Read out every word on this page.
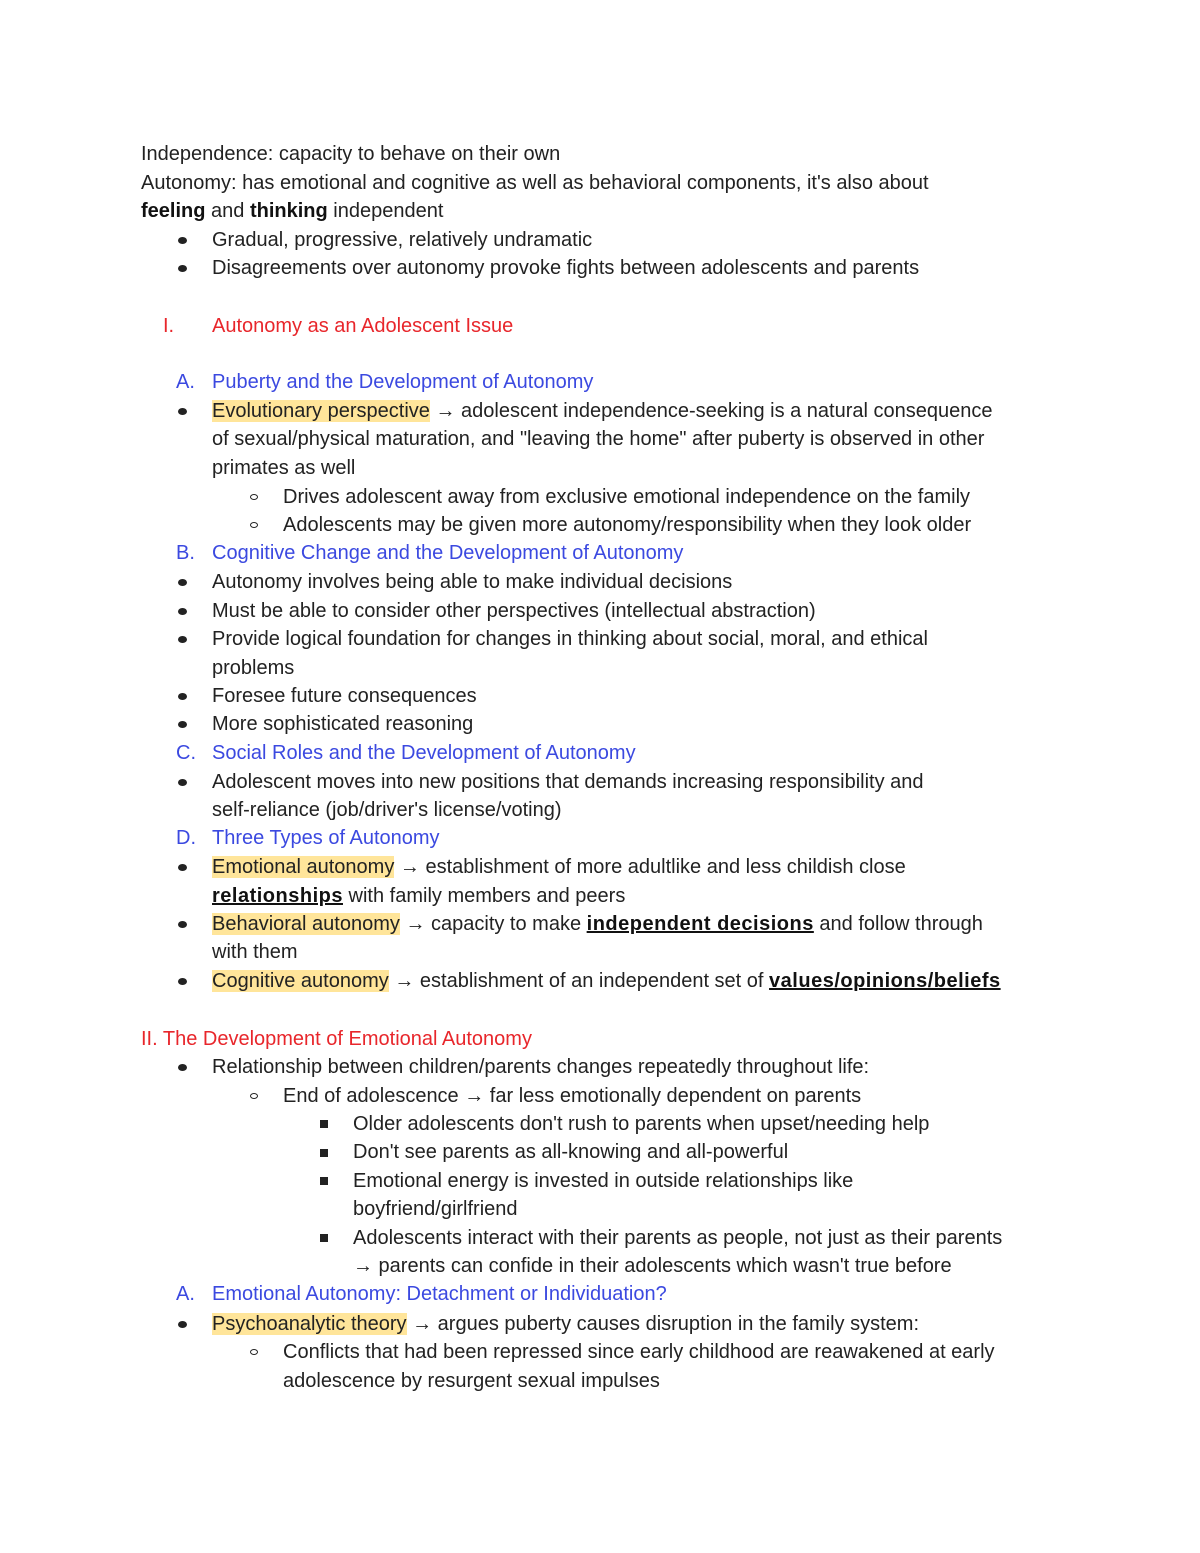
Independence: capacity to behave on their own
Autonomy: has emotional and cognitive as well as behavioral components, it's also about
feeling and thinking independent
Gradual, progressive, relatively undramatic
Disagreements over autonomy provoke fights between adolescents and parents
I. Autonomy as an Adolescent Issue
A. Puberty and the Development of Autonomy
Evolutionary perspective → adolescent independence-seeking is a natural consequence
of sexual/physical maturation, and "leaving the home" after puberty is observed in other
primates as well
Drives adolescent away from exclusive emotional independence on the family
Adolescents may be given more autonomy/responsibility when they look older
B. Cognitive Change and the Development of Autonomy
Autonomy involves being able to make individual decisions
Must be able to consider other perspectives (intellectual abstraction)
Provide logical foundation for changes in thinking about social, moral, and ethical
problems
Foresee future consequences
More sophisticated reasoning
C. Social Roles and the Development of Autonomy
Adolescent moves into new positions that demands increasing responsibility and
self-reliance (job/driver's license/voting)
D. Three Types of Autonomy
Emotional autonomy → establishment of more adultlike and less childish close
relationships with family members and peers
Behavioral autonomy → capacity to make independent decisions and follow through
with them
Cognitive autonomy → establishment of an independent set of values/opinions/beliefs
II. The Development of Emotional Autonomy
Relationship between children/parents changes repeatedly throughout life:
End of adolescence → far less emotionally dependent on parents
Older adolescents don't rush to parents when upset/needing help
Don't see parents as all-knowing and all-powerful
Emotional energy is invested in outside relationships like
boyfriend/girlfriend
Adolescents interact with their parents as people, not just as their parents
→ parents can confide in their adolescents which wasn't true before
A. Emotional Autonomy: Detachment or Individuation?
Psychoanalytic theory → argues puberty causes disruption in the family system:
Conflicts that had been repressed since early childhood are reawakened at early
adolescence by resurgent sexual impulses
